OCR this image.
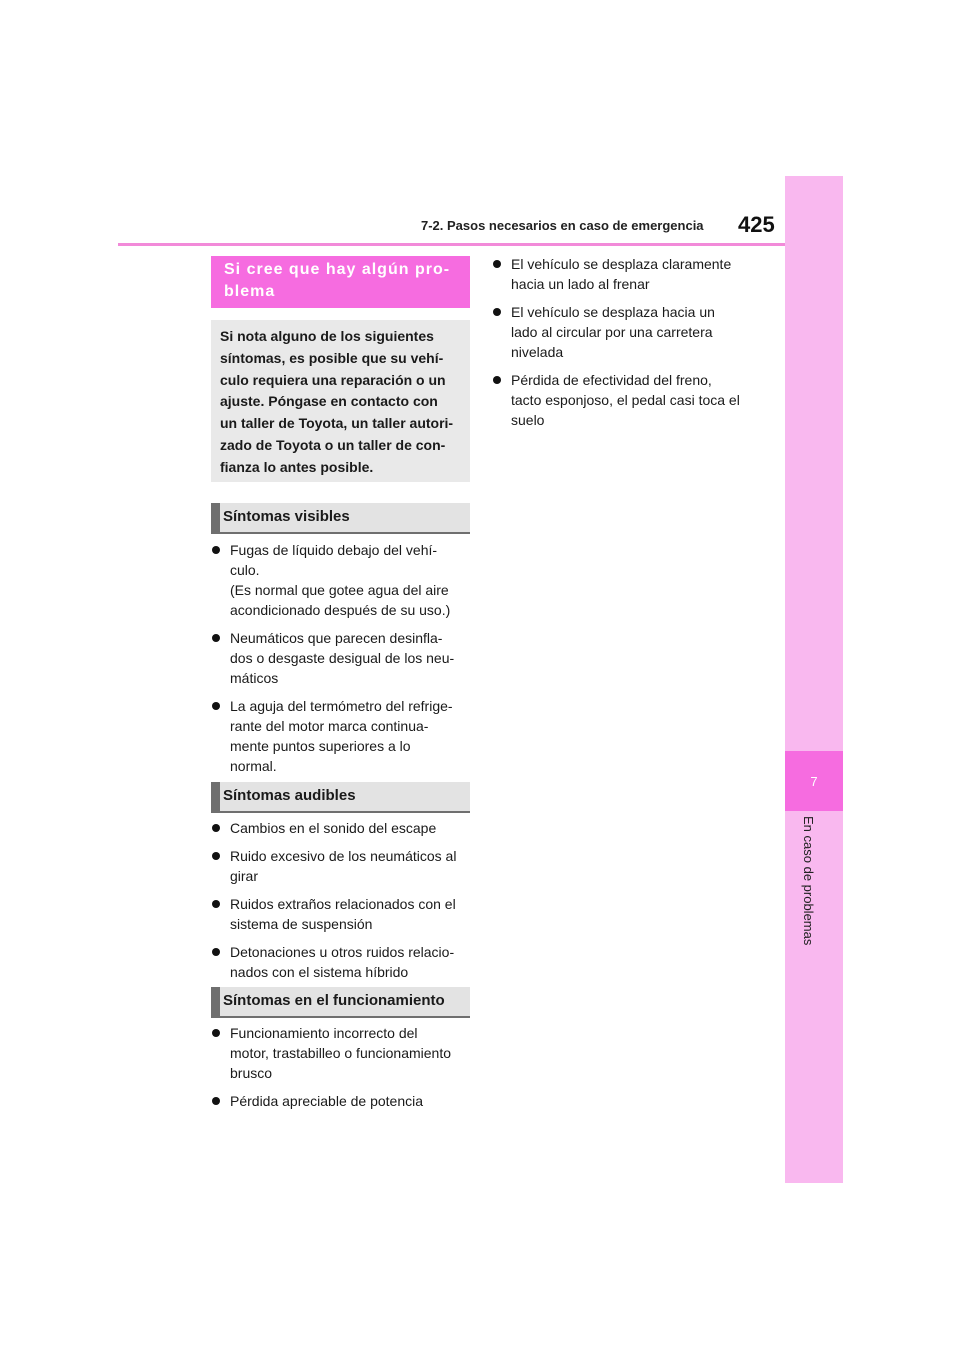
7-2. Pasos necesarios en caso de emergencia 425
7
En caso de problemas
Si cree que hay algún pro-
blema
Si nota alguno de los siguientes
síntomas, es posible que su vehí-
culo requiera una reparación o un
ajuste. Póngase en contacto con
un taller de Toyota, un taller autori-
zado de Toyota o un taller de con-
fianza lo antes posible.
Síntomas visibles
Fugas de líquido debajo del vehí-
culo.
(Es normal que gotee agua del aire
acondicionado después de su uso.)
Neumáticos que parecen desinfla-
dos o desgaste desigual de los neu-
máticos
La aguja del termómetro del refrige-
rante del motor marca continua-
mente puntos superiores a lo
normal.
Síntomas audibles
Cambios en el sonido del escape
Ruido excesivo de los neumáticos al
girar
Ruidos extraños relacionados con el
sistema de suspensión
Detonaciones u otros ruidos relacio-
nados con el sistema híbrido
Síntomas en el funcionamiento
Funcionamiento incorrecto del
motor, trastabilleo o funcionamiento
brusco
Pérdida apreciable de potencia
El vehículo se desplaza claramente
hacia un lado al frenar
El vehículo se desplaza hacia un
lado al circular por una carretera
nivelada
Pérdida de efectividad del freno,
tacto esponjoso, el pedal casi toca el
suelo
